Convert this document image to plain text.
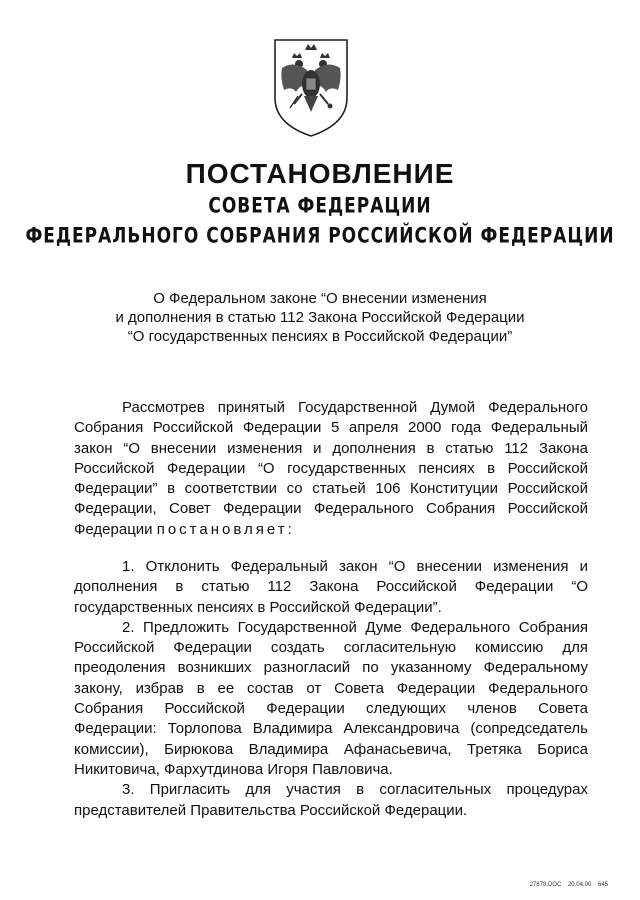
ПОСТАНОВЛЕНИЕ
СОВЕТА ФЕДЕРАЦИИ
ФЕДЕРАЛЬНОГО СОБРАНИЯ РОССИЙСКОЙ ФЕДЕРАЦИИ
О Федеральном законе “О внесении изменения
и дополнения в статью 112 Закона Российской Федерации
“О государственных пенсиях в Российской Федерации”
Рассмотрев принятый Государственной Думой Федерального Собрания Российской Федерации 5 апреля 2000 года Федеральный закон “О внесении изменения и дополнения в статью 112 Закона Российской Федерации “О государственных пенсиях в Российской Федерации” в соответствии со статьей 106 Конституции Российской Федерации, Совет Федерации Федерального Собрания Российской Федерации постановляет:
1. Отклонить Федеральный закон “О внесении изменения и дополнения в статью 112 Закона Российской Федерации “О государственных пенсиях в Российской Федерации”.
2. Предложить Государственной Думе Федерального Собрания Российской Федерации создать согласительную комиссию для преодоления возникших разногласий по указанному Федеральному закону, избрав в ее состав от Совета Федерации Федерального Собрания Российской Федерации следующих членов Совета Федерации: Торлопова Владимира Александровича (сопредседатель комиссии), Бирюкова Владимира Афанасьевича, Третяка Бориса Никитовича, Фархутдинова Игоря Павловича.
3. Пригласить для участия в согласительных процедурах представителей Правительства Российской Федерации.
27878.DOC 20.04.00 645
